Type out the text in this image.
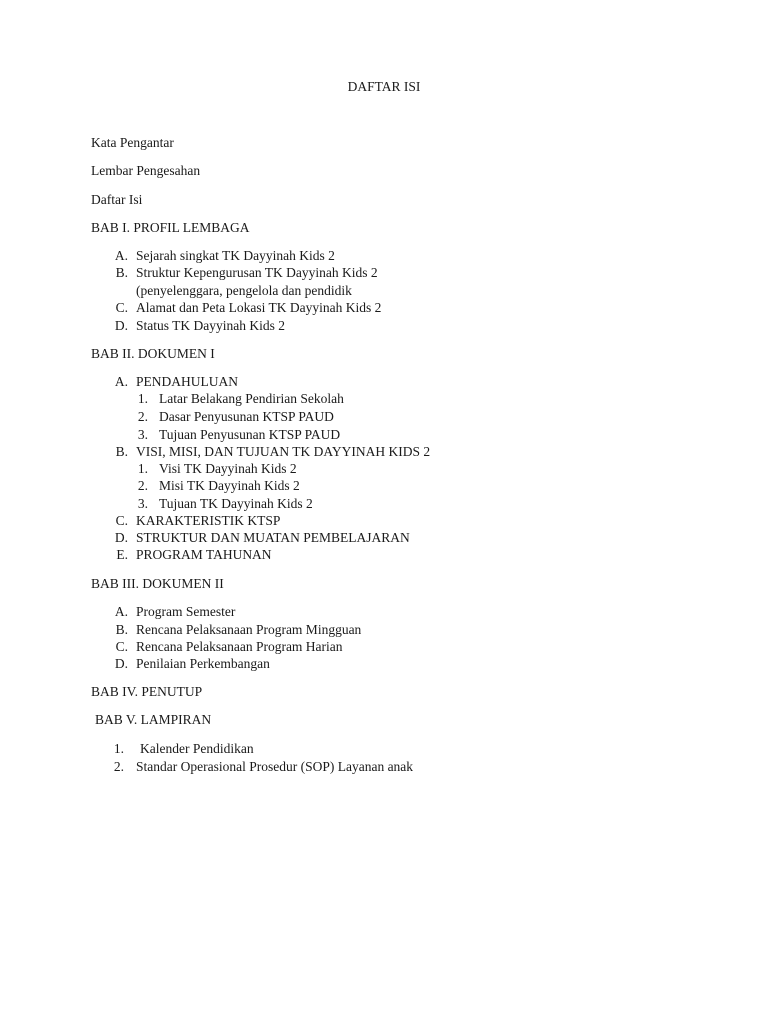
DAFTAR ISI
Kata Pengantar
Lembar Pengesahan
Daftar Isi
BAB I. PROFIL LEMBAGA
A. Sejarah singkat TK Dayyinah Kids 2
B. Struktur Kepengurusan TK Dayyinah Kids 2
(penyelenggara, pengelola dan pendidik
C. Alamat dan Peta Lokasi TK Dayyinah Kids 2
D. Status TK Dayyinah Kids 2
BAB II. DOKUMEN I
A. PENDAHULUAN
1. Latar Belakang Pendirian Sekolah
2. Dasar Penyusunan KTSP PAUD
3. Tujuan Penyusunan KTSP PAUD
B. VISI, MISI, DAN TUJUAN TK DAYYINAH KIDS 2
1. Visi TK Dayyinah Kids 2
2. Misi TK Dayyinah Kids 2
3. Tujuan TK Dayyinah Kids 2
C. KARAKTERISTIK KTSP
D. STRUKTUR DAN MUATAN PEMBELAJARAN
E. PROGRAM TAHUNAN
BAB III. DOKUMEN II
A. Program Semester
B. Rencana Pelaksanaan Program Mingguan
C. Rencana Pelaksanaan Program Harian
D. Penilaian Perkembangan
BAB IV. PENUTUP
BAB V. LAMPIRAN
1. Kalender Pendidikan
2. Standar Operasional Prosedur (SOP) Layanan anak
